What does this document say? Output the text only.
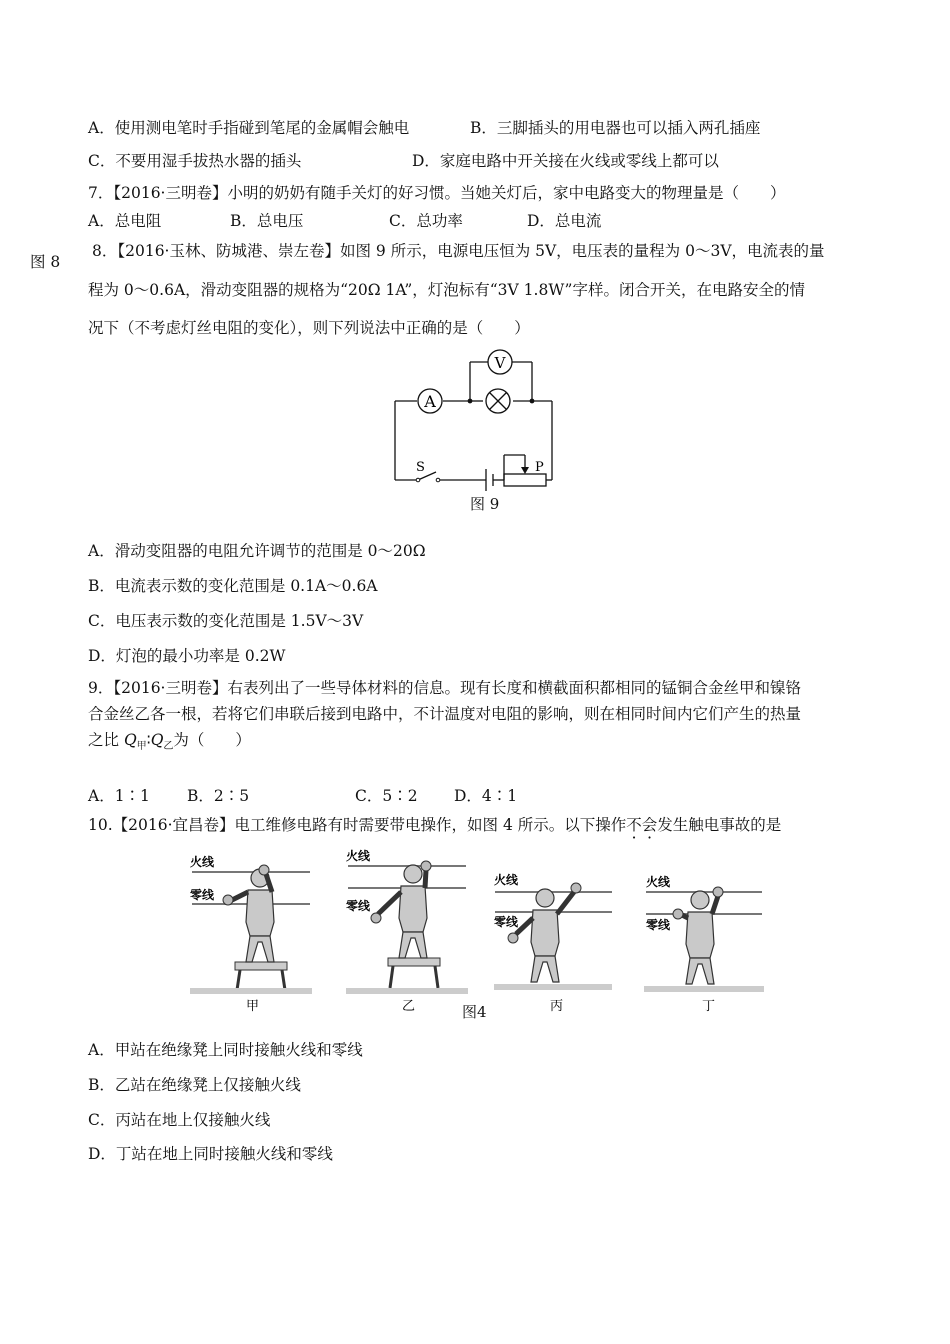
A．使用测电笔时手指碰到笔尾的金属帽会触电	B．三脚插头的用电器也可以插入两孔插座
C．不要用湿手拔热水器的插头	D．家庭电路中开关接在火线或零线上都可以
7．【2016·三明卷】小明的奶奶有随手关灯的好习惯。当她关灯后，家中电路变大的物理量是（　　）
A．总电阻	B．总电压	C．总功率	D．总电流
图 8
8．【2016·玉林、防城港、崇左卷】如图 9 所示，电源电压恒为 5V，电压表的量程为 0～3V，电流表的量
程为 0～0.6A，滑动变阻器的规格为“20Ω 1A”，灯泡标有“3V 1.8W”字样。闭合开关，在电路安全的情
况下（不考虑灯丝电阻的变化），则下列说法中正确的是（　　）
A
V
S	P
图 9
A．滑动变阻器的电阻允许调节的范围是 0～20Ω
B．电流表示数的变化范围是 0.1A～0.6A
C．电压表示数的变化范围是 1.5V～3V
D．灯泡的最小功率是 0.2W
9．【2016·三明卷】右表列出了一些导体材料的信息。现有长度和横截面积都相同的锰铜合金丝甲和镍铬
合金丝乙各一根，若将它们串联后接到电路中，不计温度对电阻的影响，则在相同时间内它们产生的热量
之比 $Q_甲∶Q_乙$为（　　）
A．1∶1 B．2∶5	C．5∶2 D．4∶1
10.【2016·宜昌卷】电工维修电路有时需要带电操作，如图 4 所示。以下操作不会发生触电事故的是
火线
零线
甲
火线
零线
乙
火线
零线
丙
火线
零线
丁
图4
A．甲站在绝缘凳上同时接触火线和零线
B．乙站在绝缘凳上仅接触火线
C．丙站在地上仅接触火线
D．丁站在地上同时接触火线和零线
